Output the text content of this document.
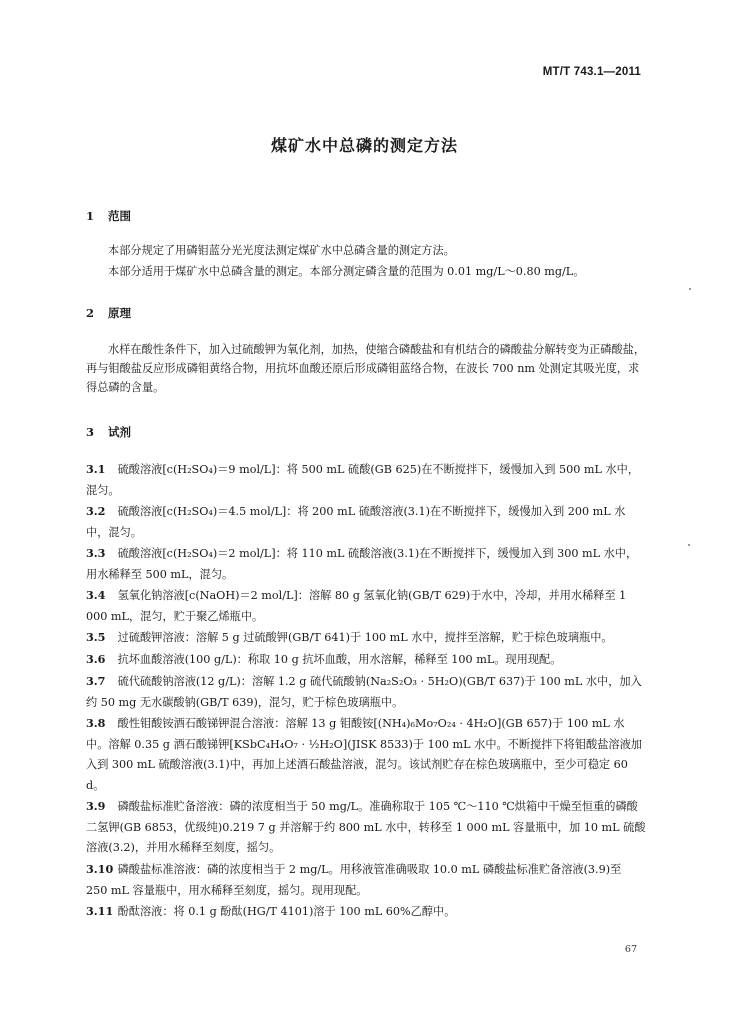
MT/T 743.1—2011
煤矿水中总磷的测定方法
1 范围
本部分规定了用磷钼蓝分光光度法测定煤矿水中总磷含量的测定方法。
本部分适用于煤矿水中总磷含量的测定。本部分测定磷含量的范围为 0.01 mg/L～0.80 mg/L。
2 原理
水样在酸性条件下，加入过硫酸钾为氧化剂，加热，使缩合磷酸盐和有机结合的磷酸盐分解转变为正磷酸盐，再与钼酸盐反应形成磷钼黄络合物，用抗坏血酸还原后形成磷钼蓝络合物，在波长 700 nm 处测定其吸光度，求得总磷的含量。
3 试剂
3.1 硫酸溶液[c(H₂SO₄)＝9 mol/L]：将 500 mL 硫酸(GB 625)在不断搅拌下，缓慢加入到 500 mL 水中，混匀。
3.2 硫酸溶液[c(H₂SO₄)＝4.5 mol/L]：将 200 mL 硫酸溶液(3.1)在不断搅拌下，缓慢加入到 200 mL 水中，混匀。
3.3 硫酸溶液[c(H₂SO₄)＝2 mol/L]：将 110 mL 硫酸溶液(3.1)在不断搅拌下，缓慢加入到 300 mL 水中，用水稀释至 500 mL，混匀。
3.4 氢氧化钠溶液[c(NaOH)＝2 mol/L]：溶解 80 g 氢氧化钠(GB/T 629)于水中，冷却，并用水稀释至 1 000 mL，混匀，贮于聚乙烯瓶中。
3.5 过硫酸钾溶液：溶解 5 g 过硫酸钾(GB/T 641)于 100 mL 水中，搅拌至溶解，贮于棕色玻璃瓶中。
3.6 抗坏血酸溶液(100 g/L)：称取 10 g 抗坏血酸，用水溶解，稀释至 100 mL。现用现配。
3.7 硫代硫酸钠溶液(12 g/L)：溶解 1.2 g 硫代硫酸钠(Na₂S₂O₃ · 5H₂O)(GB/T 637)于 100 mL 水中，加入约 50 mg 无水碳酸钠(GB/T 639)，混匀，贮于棕色玻璃瓶中。
3.8 酸性钼酸铵酒石酸锑钾混合溶液：溶解 13 g 钼酸铵[(NH₄)₆Mo₇O₂₄ · 4H₂O](GB 657)于 100 mL 水中。溶解 0.35 g 酒石酸锑钾[KSbC₄H₄O₇ · ½H₂O](JISK 8533)于 100 mL 水中。不断搅拌下将钼酸盐溶液加入到 300 mL 硫酸溶液(3.1)中，再加上述酒石酸盐溶液，混匀。该试剂贮存在棕色玻璃瓶中，至少可稳定 60 d。
3.9 磷酸盐标准贮备溶液：磷的浓度相当于 50 mg/L。准确称取于 105 ℃～110 ℃烘箱中干燥至恒重的磷酸二氢钾(GB 6853，优级纯)0.219 7 g 并溶解于约 800 mL 水中，转移至 1 000 mL 容量瓶中，加 10 mL 硫酸溶液(3.2)，并用水稀释至刻度，摇匀。
3.10 磷酸盐标准溶液：磷的浓度相当于 2 mg/L。用移液管准确吸取 10.0 mL 磷酸盐标准贮备溶液(3.9)至 250 mL 容量瓶中，用水稀释至刻度，摇匀。现用现配。
3.11 酚酞溶液：将 0.1 g 酚酞(HG/T 4101)溶于 100 mL 60%乙醇中。
67
